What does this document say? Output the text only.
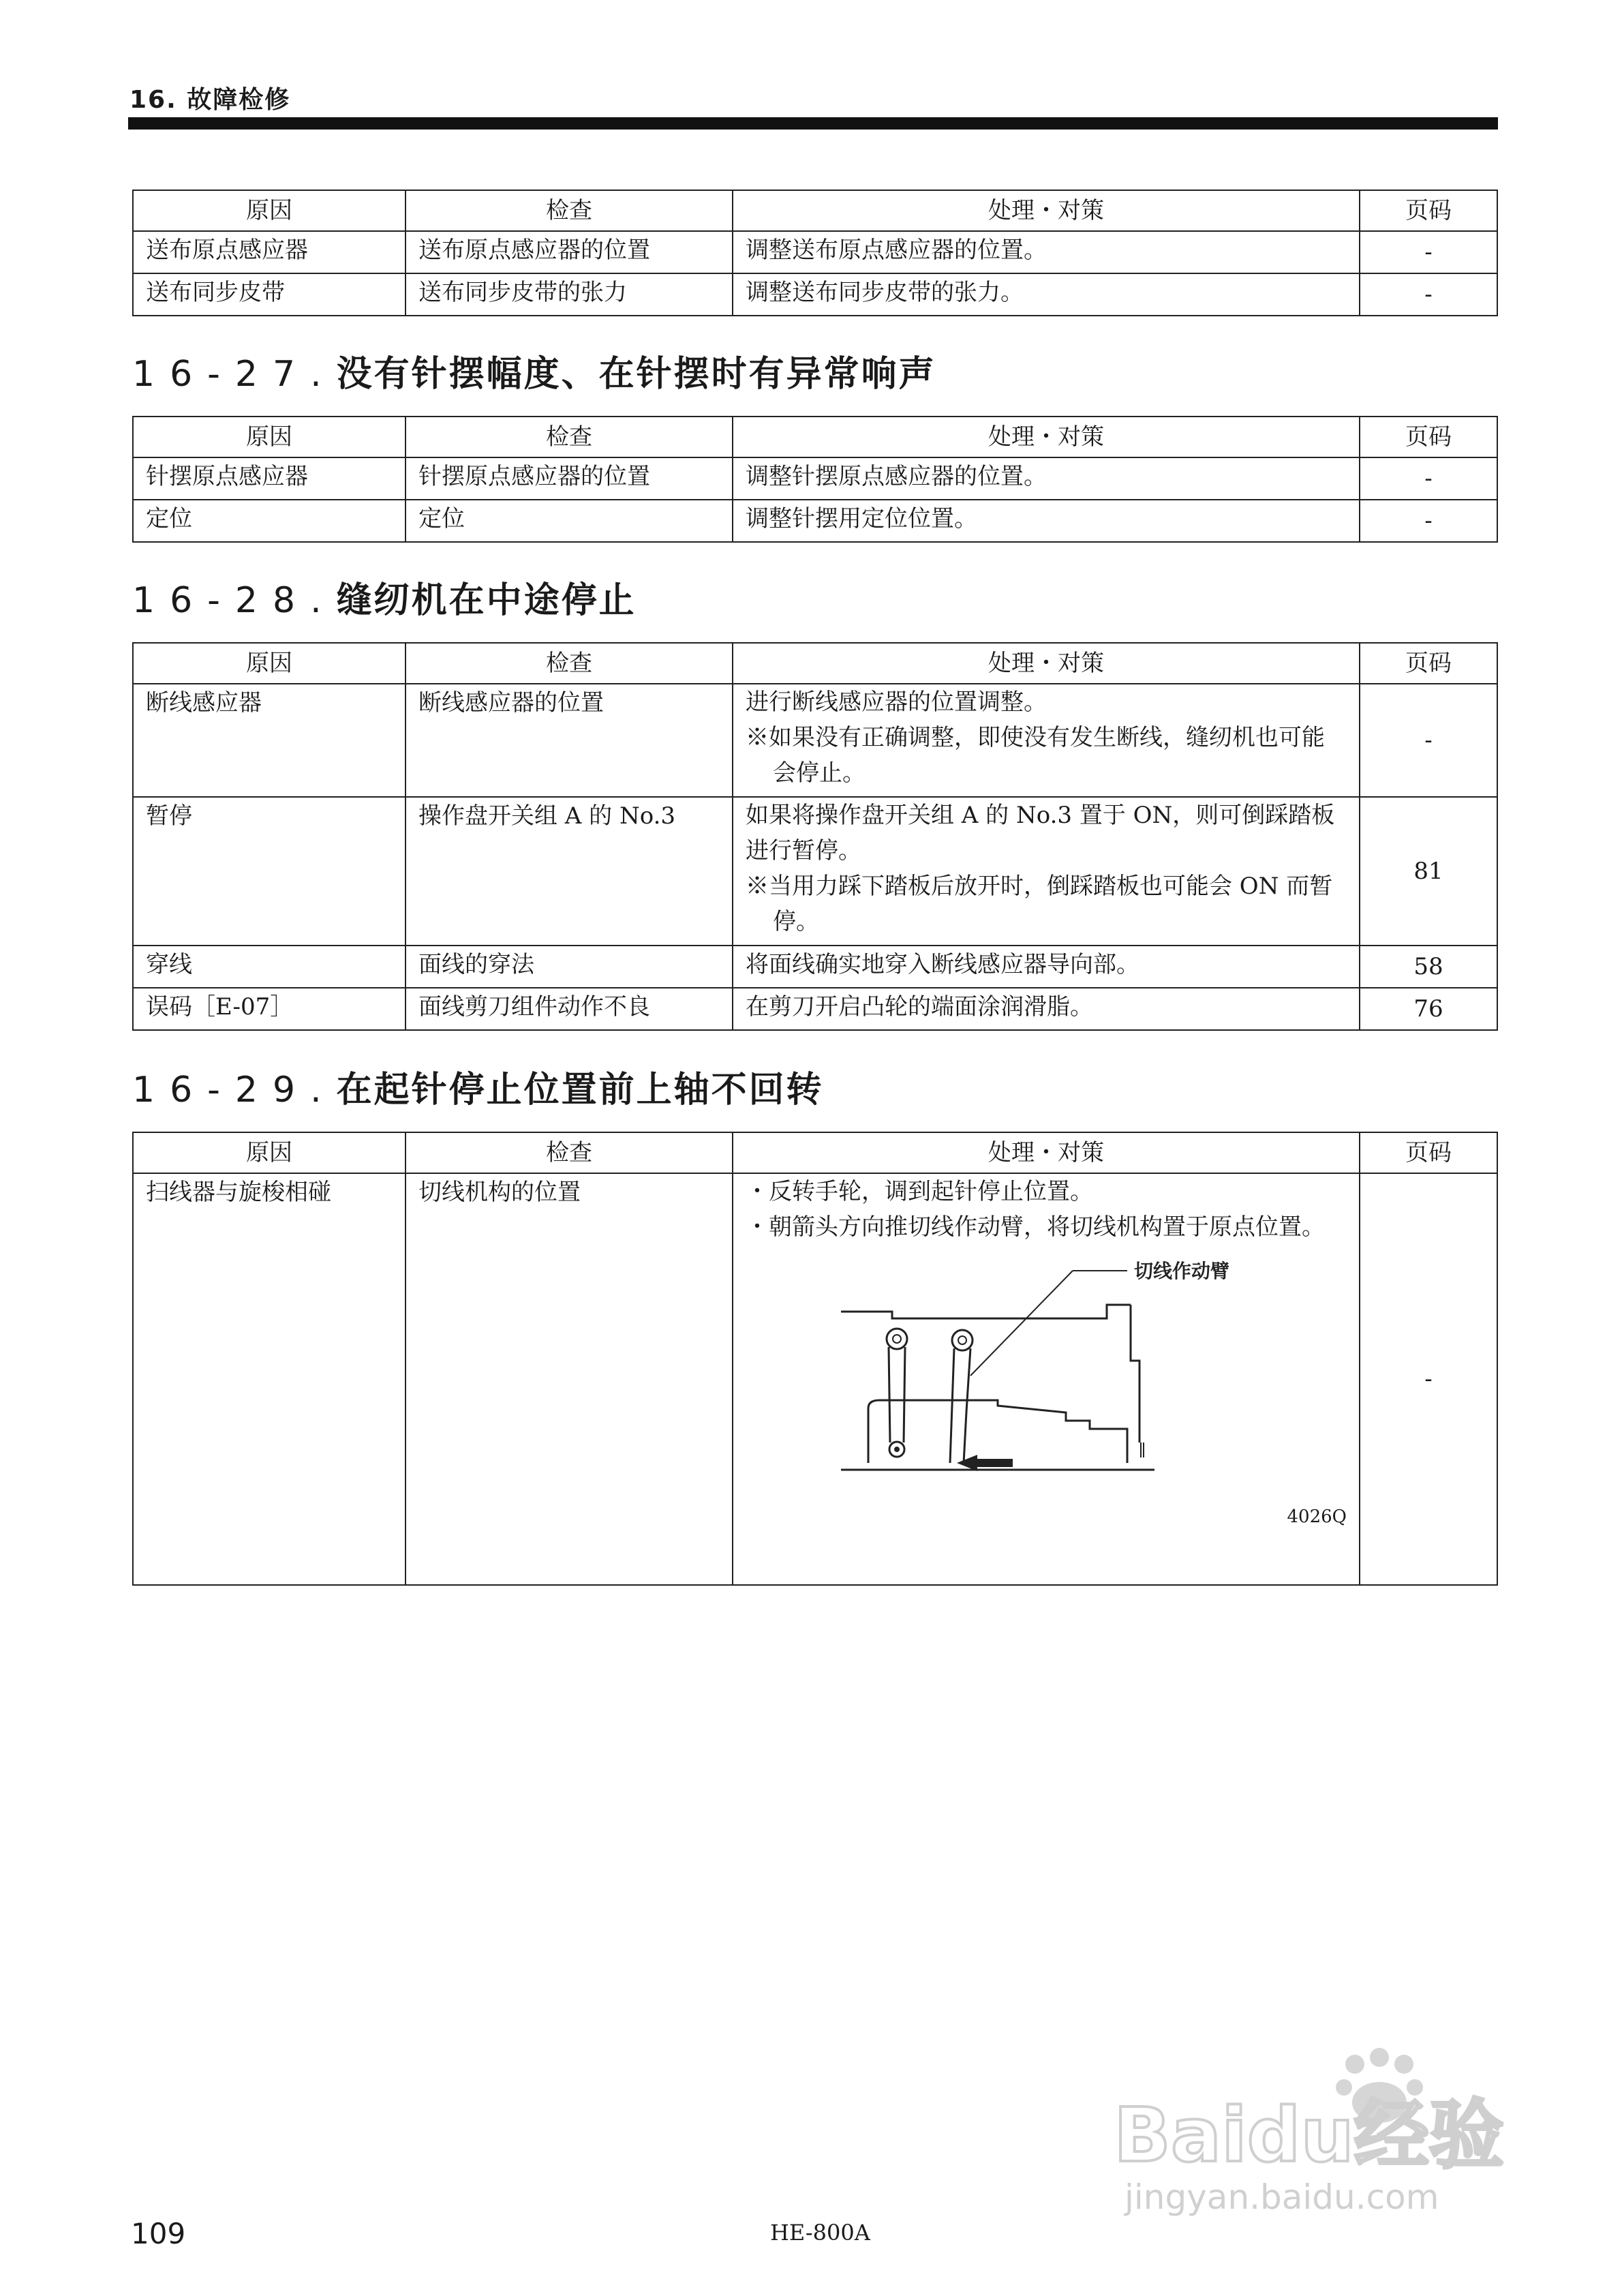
16. 故障检修
原因	检查	处理・对策	页码
送布原点感应器	送布原点感应器的位置	调整送布原点感应器的位置。	-
送布同步皮带	送布同步皮带的张力	调整送布同步皮带的张力。	-
16-27.没有针摆幅度、在针摆时有异常响声
原因	检查	处理・对策	页码
针摆原点感应器	针摆原点感应器的位置	调整针摆原点感应器的位置。	-
定位	定位	调整针摆用定位位置。	-
16-28.缝纫机在中途停止
原因	检查	处理・对策	页码
断线感应器	断线感应器的位置	进行断线感应器的位置调整。
※如果没有正确调整，即使没有发生断线，缝纫机也可能会停止。	-
暂停	操作盘开关组 A 的 No.3	如果将操作盘开关组 A 的 No.3 置于 ON，则可倒踩踏板进行暂停。
※当用力踩下踏板后放开时，倒踩踏板也可能会 ON 而暂停。	81
穿线	面线的穿法	将面线确实地穿入断线感应器导向部。	58
误码［E-07］	面线剪刀组件动作不良	在剪刀开启凸轮的端面涂润滑脂。	76
16-29.在起针停止位置前上轴不回转
原因	检查	处理・对策	页码
扫线器与旋梭相碰	切线机构的位置	・反转手轮，调到起针停止位置。
・朝箭头方向推切线作动臂，将切线机构置于原点位置。
切线作动臂
4026Q	-
Baidu经验
jingyan.baidu.com
109	HE-800A
